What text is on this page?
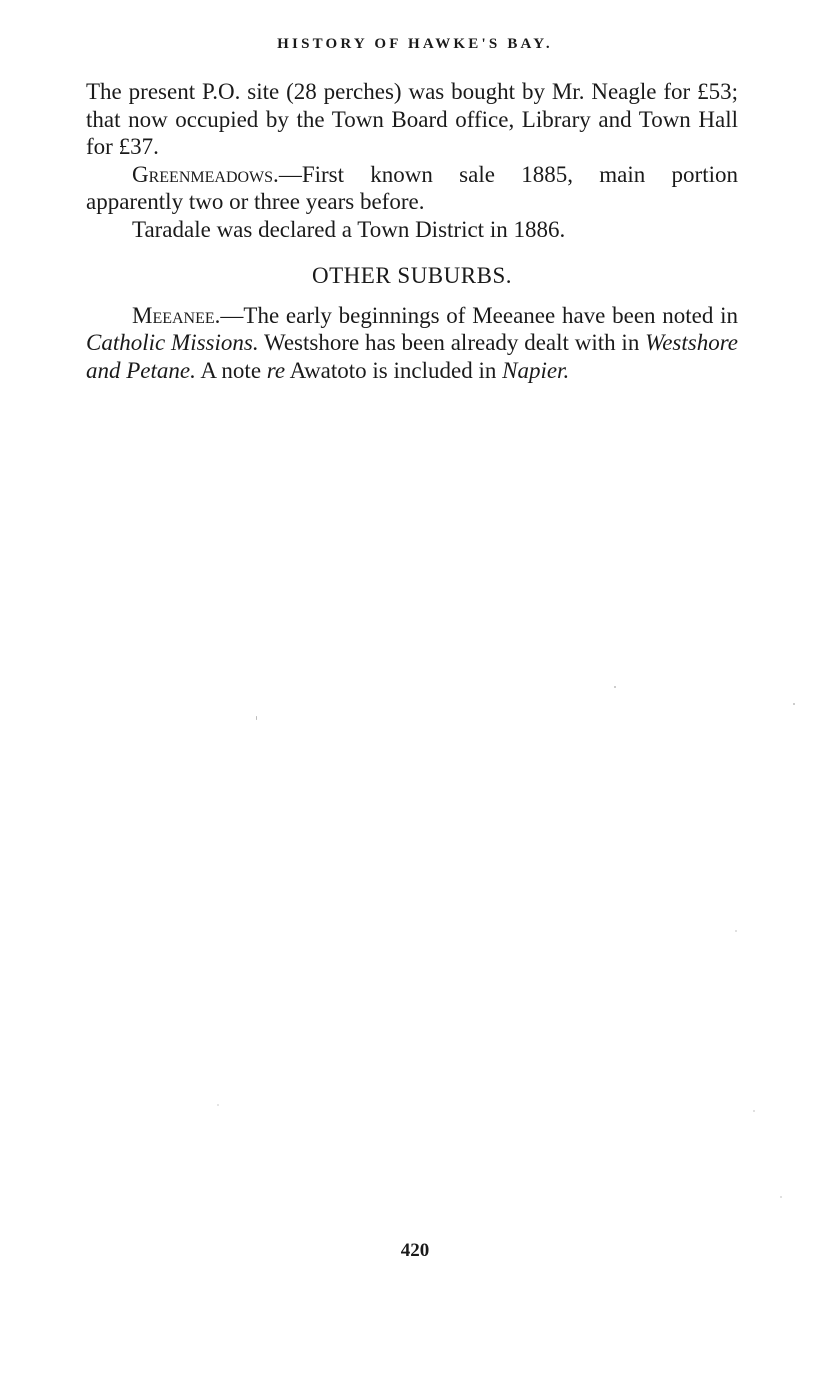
HISTORY OF HAWKE'S BAY.

The present P.O. site (28 perches) was bought by Mr. Neagle for £53; that now occupied by the Town Board office, Library and Town Hall for £37.

Greenmeadows.—First known sale 1885, main portion apparently two or three years before.

Taradale was declared a Town District in 1886.

OTHER SUBURBS.

Meeanee.—The early beginnings of Meeanee have been noted in Catholic Missions. Westshore has been already dealt with in Westshore and Petane. A note re Awatoto is included in Napier.

420
